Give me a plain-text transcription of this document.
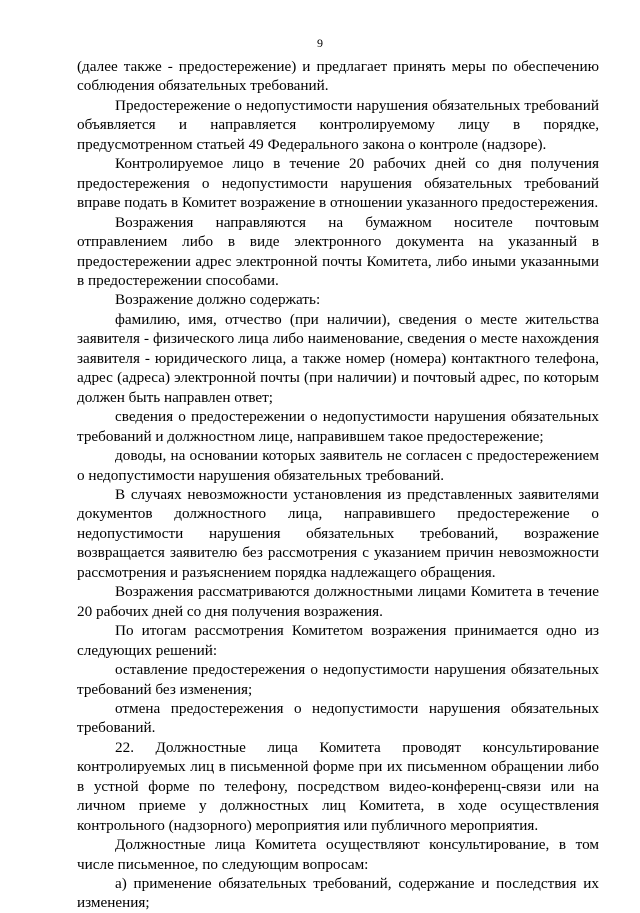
9

(далее также - предостережение) и предлагает принять меры по обеспечению соблюдения обязательных требований.

Предостережение о недопустимости нарушения обязательных требований объявляется и направляется контролируемому лицу в порядке, предусмотренном статьей 49 Федерального закона о контроле (надзоре).

Контролируемое лицо в течение 20 рабочих дней со дня получения предостережения о недопустимости нарушения обязательных требований вправе подать в Комитет возражение в отношении указанного предостережения.

Возражения направляются на бумажном носителе почтовым отправлением либо в виде электронного документа на указанный в предостережении адрес электронной почты Комитета, либо иными указанными в предостережении способами.

Возражение должно содержать:

фамилию, имя, отчество (при наличии), сведения о месте жительства заявителя - физического лица либо наименование, сведения о месте нахождения заявителя - юридического лица, а также номер (номера) контактного телефона, адрес (адреса) электронной почты (при наличии) и почтовый адрес, по которым должен быть направлен ответ;

сведения о предостережении о недопустимости нарушения обязательных требований и должностном лице, направившем такое предостережение;

доводы, на основании которых заявитель не согласен с предостережением о недопустимости нарушения обязательных требований.

В случаях невозможности установления из представленных заявителями документов должностного лица, направившего предостережение о недопустимости нарушения обязательных требований, возражение возвращается заявителю без рассмотрения с указанием причин невозможности рассмотрения и разъяснением порядка надлежащего обращения.

Возражения рассматриваются должностными лицами Комитета в течение 20 рабочих дней со дня получения возражения.

По итогам рассмотрения Комитетом возражения принимается одно из следующих решений:

оставление предостережения о недопустимости нарушения обязательных требований без изменения;

отмена предостережения о недопустимости нарушения обязательных требований.

22. Должностные лица Комитета проводят консультирование контролируемых лиц в письменной форме при их письменном обращении либо в устной форме по телефону, посредством видео-конференц-связи или на личном приеме у должностных лиц Комитета, в ходе осуществления контрольного (надзорного) мероприятия или публичного мероприятия.

Должностные лица Комитета осуществляют консультирование, в том числе письменное, по следующим вопросам:

а) применение обязательных требований, содержание и последствия их изменения;
